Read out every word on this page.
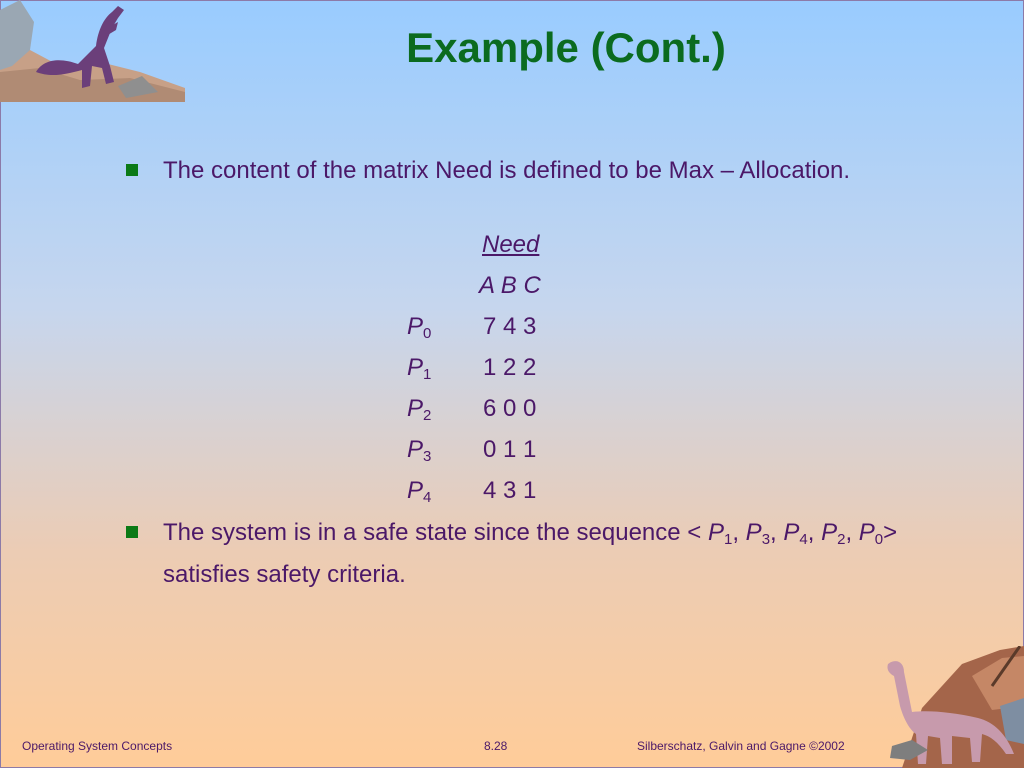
Example (Cont.)
The content of the matrix Need is defined to be Max – Allocation.
Need
A B C
$P_0$ 7 4 3
$P_1$ 1 2 2
$P_2$ 6 0 0
$P_3$ 0 1 1
$P_4$ 4 3 1
The system is in a safe state since the sequence < $P_1$, $P_3$, $P_4$, $P_2$, $P_0>$ satisfies safety criteria.
Operating System Concepts	8.28	Silberschatz, Galvin and Gagne ©2002
